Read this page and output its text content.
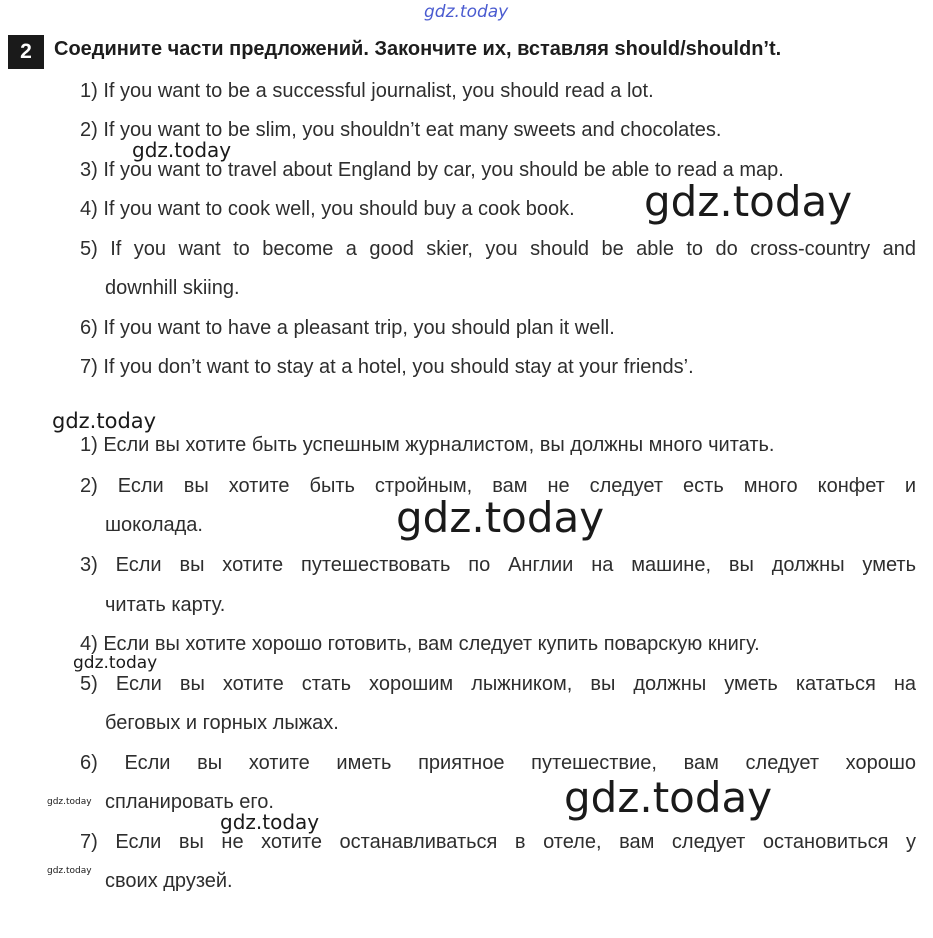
gdz.today
2	Соедините части предложений. Закончите их, вставляя should/shouldn’t.
1) If you want to be a successful journalist, you should read a lot.
2) If you want to be slim, you shouldn’t eat many sweets and chocolates.
3) If you want to travel about England by car, you should be able to read a map.
4) If you want to cook well, you should buy a cook book.
5) If you want to become a good skier, you should be able to do cross-country and
downhill skiing.
6) If you want to have a pleasant trip, you should plan it well.
7) If you don’t want to stay at a hotel, you should stay at your friends’.
1) Если вы хотите быть успешным журналистом, вы должны много читать.
2) Если вы хотите быть стройным, вам не следует есть много конфет и
шоколада.
3) Если вы хотите путешествовать по Англии на машине, вы должны уметь
читать карту.
4) Если вы хотите хорошо готовить, вам следует купить поварскую книгу.
5) Если вы хотите стать хорошим лыжником, вы должны уметь кататься на
беговых и горных лыжах.
6) Если вы хотите иметь приятное путешествие, вам следует хорошо
спланировать его.
7) Если вы не хотите останавливаться в отеле, вам следует остановиться у
своих друзей.
gdz.today
gdz.today
gdz.today
gdz.today
gdz.today
gdz.today
gdz.today
gdz.today
gdz.today
